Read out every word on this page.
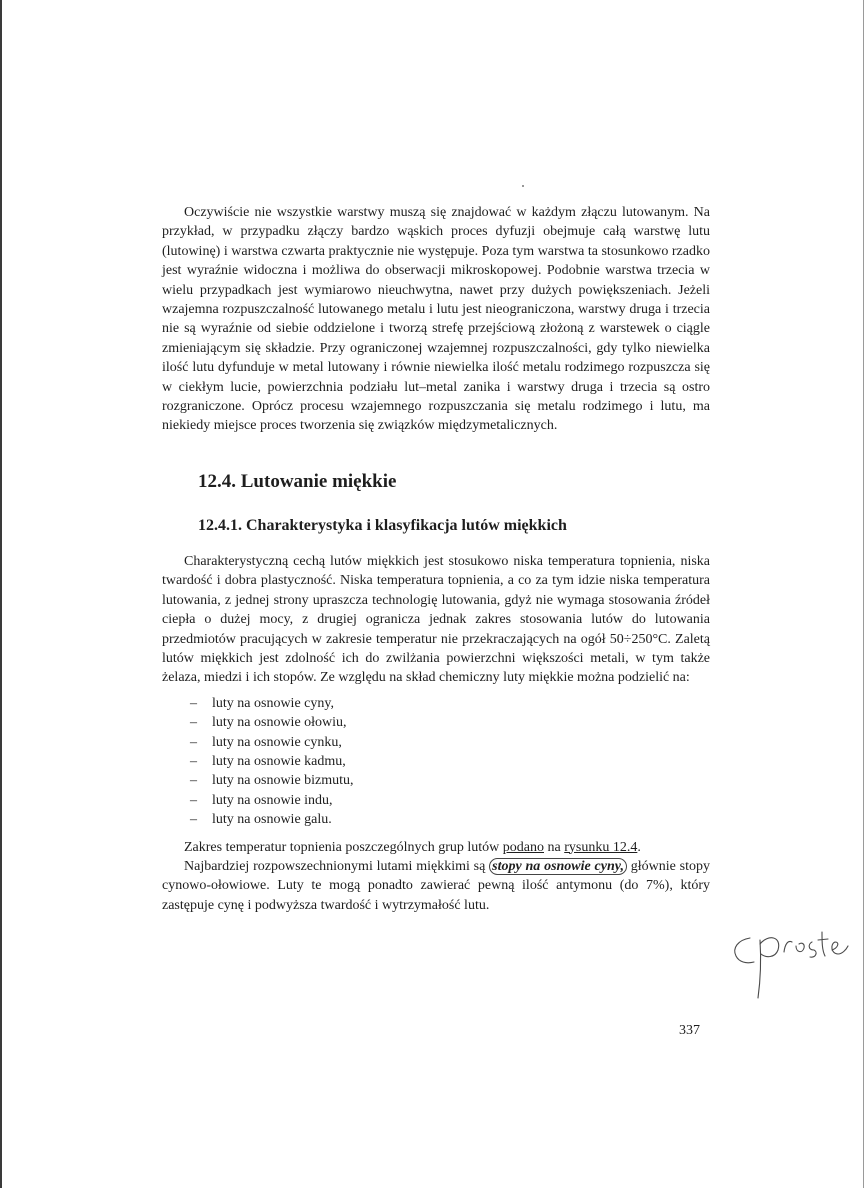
Oczywiście nie wszystkie warstwy muszą się znajdować w każdym złączu lutowanym. Na przykład, w przypadku złączy bardzo wąskich proces dyfuzji obejmuje całą warstwę lutu (lutowinę) i warstwa czwarta praktycznie nie występuje. Poza tym warstwa ta stosunkowo rzadko jest wyraźnie widoczna i możliwa do obserwacji mikroskopowej. Podobnie warstwa trzecia w wielu przypadkach jest wymiarowo nieuchwytna, nawet przy dużych powiększeniach. Jeżeli wzajemna rozpuszczalność lutowanego metalu i lutu jest nieograniczona, warstwy druga i trzecia nie są wyraźnie od siebie oddzielone i tworzą strefę przejściową złożoną z warstewek o ciągle zmieniającym się składzie. Przy ograniczonej wzajemnej rozpuszczalności, gdy tylko niewielka ilość lutu dyfunduje w metal lutowany i równie niewielka ilość metalu rodzimego rozpuszcza się w ciekłym lucie, powierzchnia podziału lut–metal zanika i warstwy druga i trzecia są ostro rozgraniczone. Oprócz procesu wzajemnego rozpuszczania się metalu rodzimego i lutu, ma niekiedy miejsce proces tworzenia się związków międzymetalicznych.

12.4. Lutowanie miękkie
12.4.1. Charakterystyka i klasyfikacja lutów miękkich

Charakterystyczną cechą lutów miękkich jest stosukowo niska temperatura topnienia, niska twardość i dobra plastyczność. Niska temperatura topnienia, a co za tym idzie niska temperatura lutowania, z jednej strony upraszcza technologię lutowania, gdyż nie wymaga stosowania źródeł ciepła o dużej mocy, z drugiej ogranicza jednak zakres stosowania lutów do lutowania przedmiotów pracujących w zakresie temperatur nie przekraczających na ogół 50÷250°C. Zaletą lutów miękkich jest zdolność ich do zwilżania powierzchni większości metali, w tym także żelaza, miedzi i ich stopów. Ze względu na skład chemiczny luty miękkie można podzielić na:

– luty na osnowie cyny,
– luty na osnowie ołowiu,
– luty na osnowie cynku,
– luty na osnowie kadmu,
– luty na osnowie bizmutu,
– luty na osnowie indu,
– luty na osnowie galu.

Zakres temperatur topnienia poszczególnych grup lutów podano na rysunku 12.4.

Najbardziej rozpowszechnionymi lutami miękkimi są stopy na osnowie cyny, głównie stopy cynowo-ołowiowe. Luty te mogą ponadto zawierać pewną ilość antymonu (do 7%), który zastępuje cynę i podwyższa twardość i wytrzymałość lutu.

337
